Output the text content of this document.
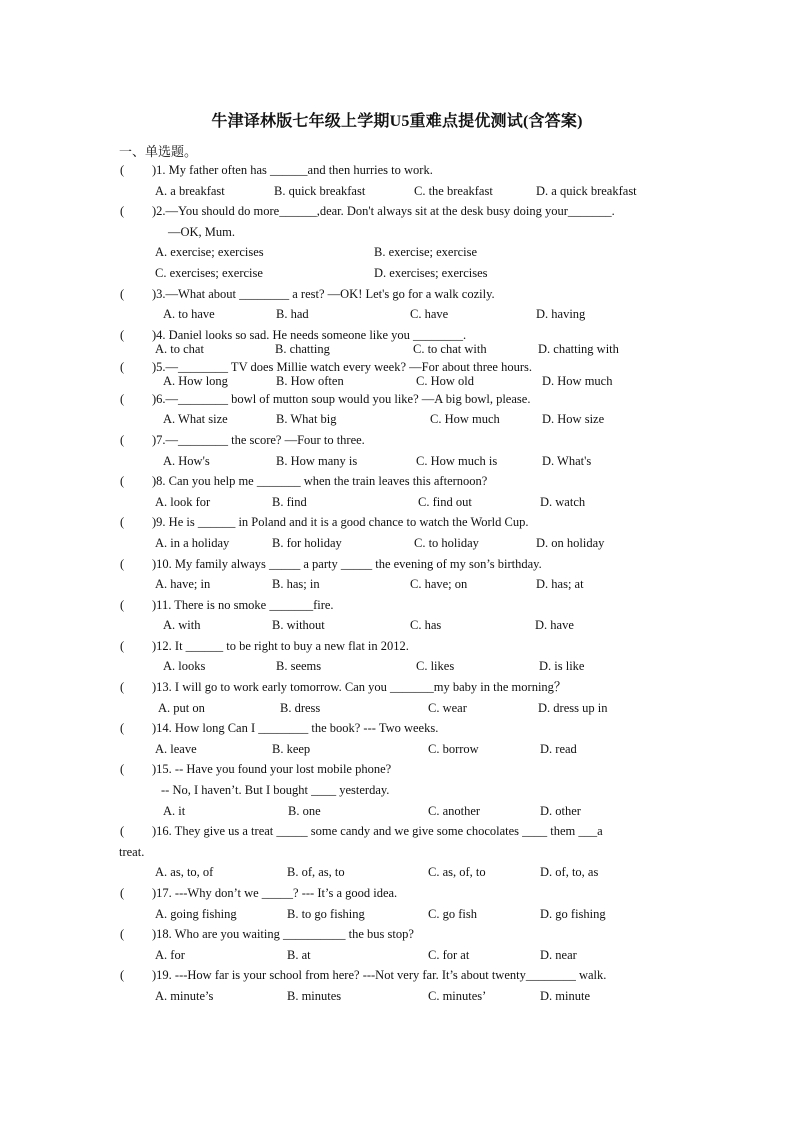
牛津译林版七年级上学期U5重难点提优测试(含答案)
一、单选题。
( )1. My father often has ______and then hurries to work.
A. a breakfast	B. quick breakfast	C. the breakfast	D. a quick breakfast
( )2.—You should do more______,dear. Don't always sit at the desk busy doing your_______.
—OK, Mum.
A. exercise; exercises	B. exercise; exercise
C. exercises; exercise	D. exercises; exercises
( )3.—What about ________ a rest? —OK! Let's go for a walk cozily.
A. to have	B. had	C. have	D. having
( )4. Daniel looks so sad. He needs someone like you ________.
A. to chat	B. chatting	C. to chat with	D. chatting with
( )5.—________ TV does Millie watch every week? —For about three hours.
A. How long	B. How often	C. How old	D. How much
( )6.—________ bowl of mutton soup would you like? —A big bowl, please.
A. What size	B. What big	C. How much	D. How size
( )7.—________ the score? —Four to three.
A. How's	B. How many is	C. How much is	D. What's
( )8. Can you help me _______ when the train leaves this afternoon?
A. look for	B. find	C. find out	D. watch
( )9. He is ______ in Poland and it is a good chance to watch the World Cup.
A. in a holiday	B. for holiday	C. to holiday	D. on holiday
( )10. My family always _____ a party _____ the evening of my son’s birthday.
A. have; in	B. has; in	C. have; on	D. has; at
( )11. There is no smoke _______fire.
A. with	B. without	C. has	D. have
( )12. It ______ to be right to buy a new flat in 2012.
A. looks	B. seems	C. likes	D. is like
( )13. I will go to work early tomorrow. Can you _______my baby in the morning？
A. put on	B. dress	C. wear	D. dress up in
( )14. How long Can I ________ the book? --- Two weeks.
A. leave	B. keep	C. borrow	D. read
( )15. -- Have you found your lost mobile phone?
-- No, I haven’t. But I bought ____ yesterday.
A. it	B. one	C. another	D. other
( )16. They give us a treat _____ some candy and we give some chocolates ____ them ___a
treat.
A. as, to, of	B. of, as, to	C. as, of, to	D. of, to, as
( )17. ---Why don’t we _____? --- It’s a good idea.
A. going fishing	B. to go fishing	C. go fish	D. go fishing
( )18. Who are you waiting __________ the bus stop?
A. for	B. at	C. for at	D. near
( )19. ---How far is your school from here? ---Not very far. It’s about twenty________ walk.
A. minute’s	B. minutes	C. minutes’	D. minute
